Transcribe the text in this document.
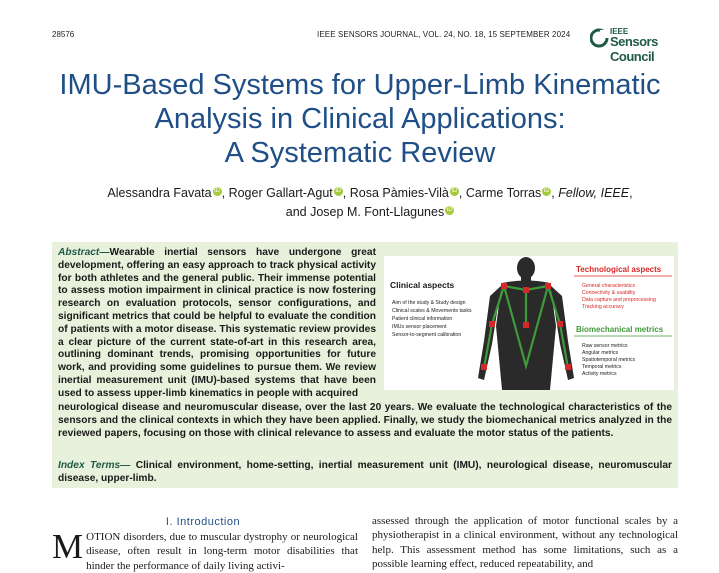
28576	IEEE SENSORS JOURNAL, VOL. 24, NO. 18, 15 SEPTEMBER 2024	IEEE
Sensors Council
IMU-Based Systems for Upper-Limb Kinematic
Analysis in Clinical Applications:
A Systematic Review
Alessandra Favata iD , Roger Gallart-Agut iD , Rosa Pàmies-Vilà iD , Carme Torras iD , Fellow, IEEE,
and Josep M. Font-Llagunes iD
Abstract—Wearable inertial sensors have undergone great development, offering an easy approach to track physical activity for both athletes and the general public. Their immense potential to assess motion impairment in clinical practice is now fostering research on evaluation protocols, sensor configurations, and significant metrics that could be helpful to evaluate the condition of patients with a motor disease. This systematic review provides a clear picture of the current state-of-art in this research area, outlining dominant trends, promising opportunities for future work, and providing some guidelines to pursue them. We review inertial measurement unit (IMU)-based systems that have been used to assess upper-limb kinematics in people with acquired
neurological disease and neuromuscular disease, over the last 20 years. We evaluate the technological characteristics of the sensors and the clinical contexts in which they have been applied. Finally, we study the biomechanical metrics analyzed in the reviewed papers, focusing on those with clinical relevance to assess and evaluate the motor status of the patients.
Index Terms— Clinical environment, home-setting, inertial measurement unit (IMU), neurological disease, neuromuscular disease, upper-limb.
Clinical aspects
Aim of the study & Study design
Clinical scales & Movements tasks
Patient clinical information
IMUs sensor placement
Sensor-to-segment calibration
Technological aspects
General characteristics
Connectivity & usability
Data capture and preprocessing
Tracking accuracy
Biomechanical metrics
Raw sensor metrics
Angular metrics
Spatiotemporal metrics
Temporal metrics
Activity metrics
I. Introduction
MOTION disorders, due to muscular dystrophy or neurological disease, often result in long-term motor disabilities that hinder the performance of daily living activi-
assessed through the application of motor functional scales by a physiotherapist in a clinical environment, without any technological help. This assessment method has some limitations, such as a possible learning effect, reduced repeatability, and
